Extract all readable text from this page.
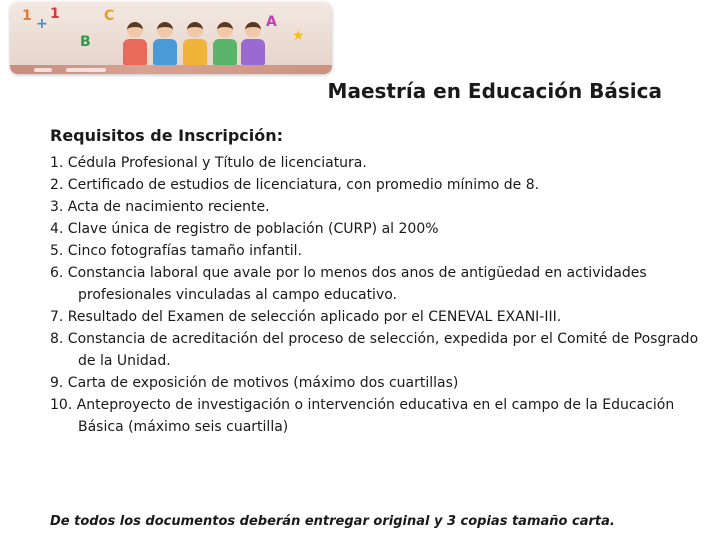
1 +
1
B
C	A
★
Maestría en Educación Básica
Requisitos de Inscripción:
1. Cédula Profesional y Título de licenciatura.
2. Certificado de estudios de licenciatura, con promedio mínimo de 8.
3. Acta de nacimiento reciente.
4. Clave única de registro de población (CURP) al 200%
5. Cinco fotografías tamaño infantil.
6. Constancia laboral que avale por lo menos dos anos de antigüedad en actividades profesionales vinculadas al campo educativo.
7. Resultado del Examen de selección aplicado por el CENEVAL EXANI-III.
8. Constancia de acreditación del proceso de selección, expedida por el Comité de Posgrado de la Unidad.
9. Carta de exposición de motivos (máximo dos cuartillas)
10. Anteproyecto de investigación o intervención educativa en el campo de la Educación Básica (máximo seis cuartilla)
De todos los documentos deberán entregar original y 3 copias tamaño carta.
